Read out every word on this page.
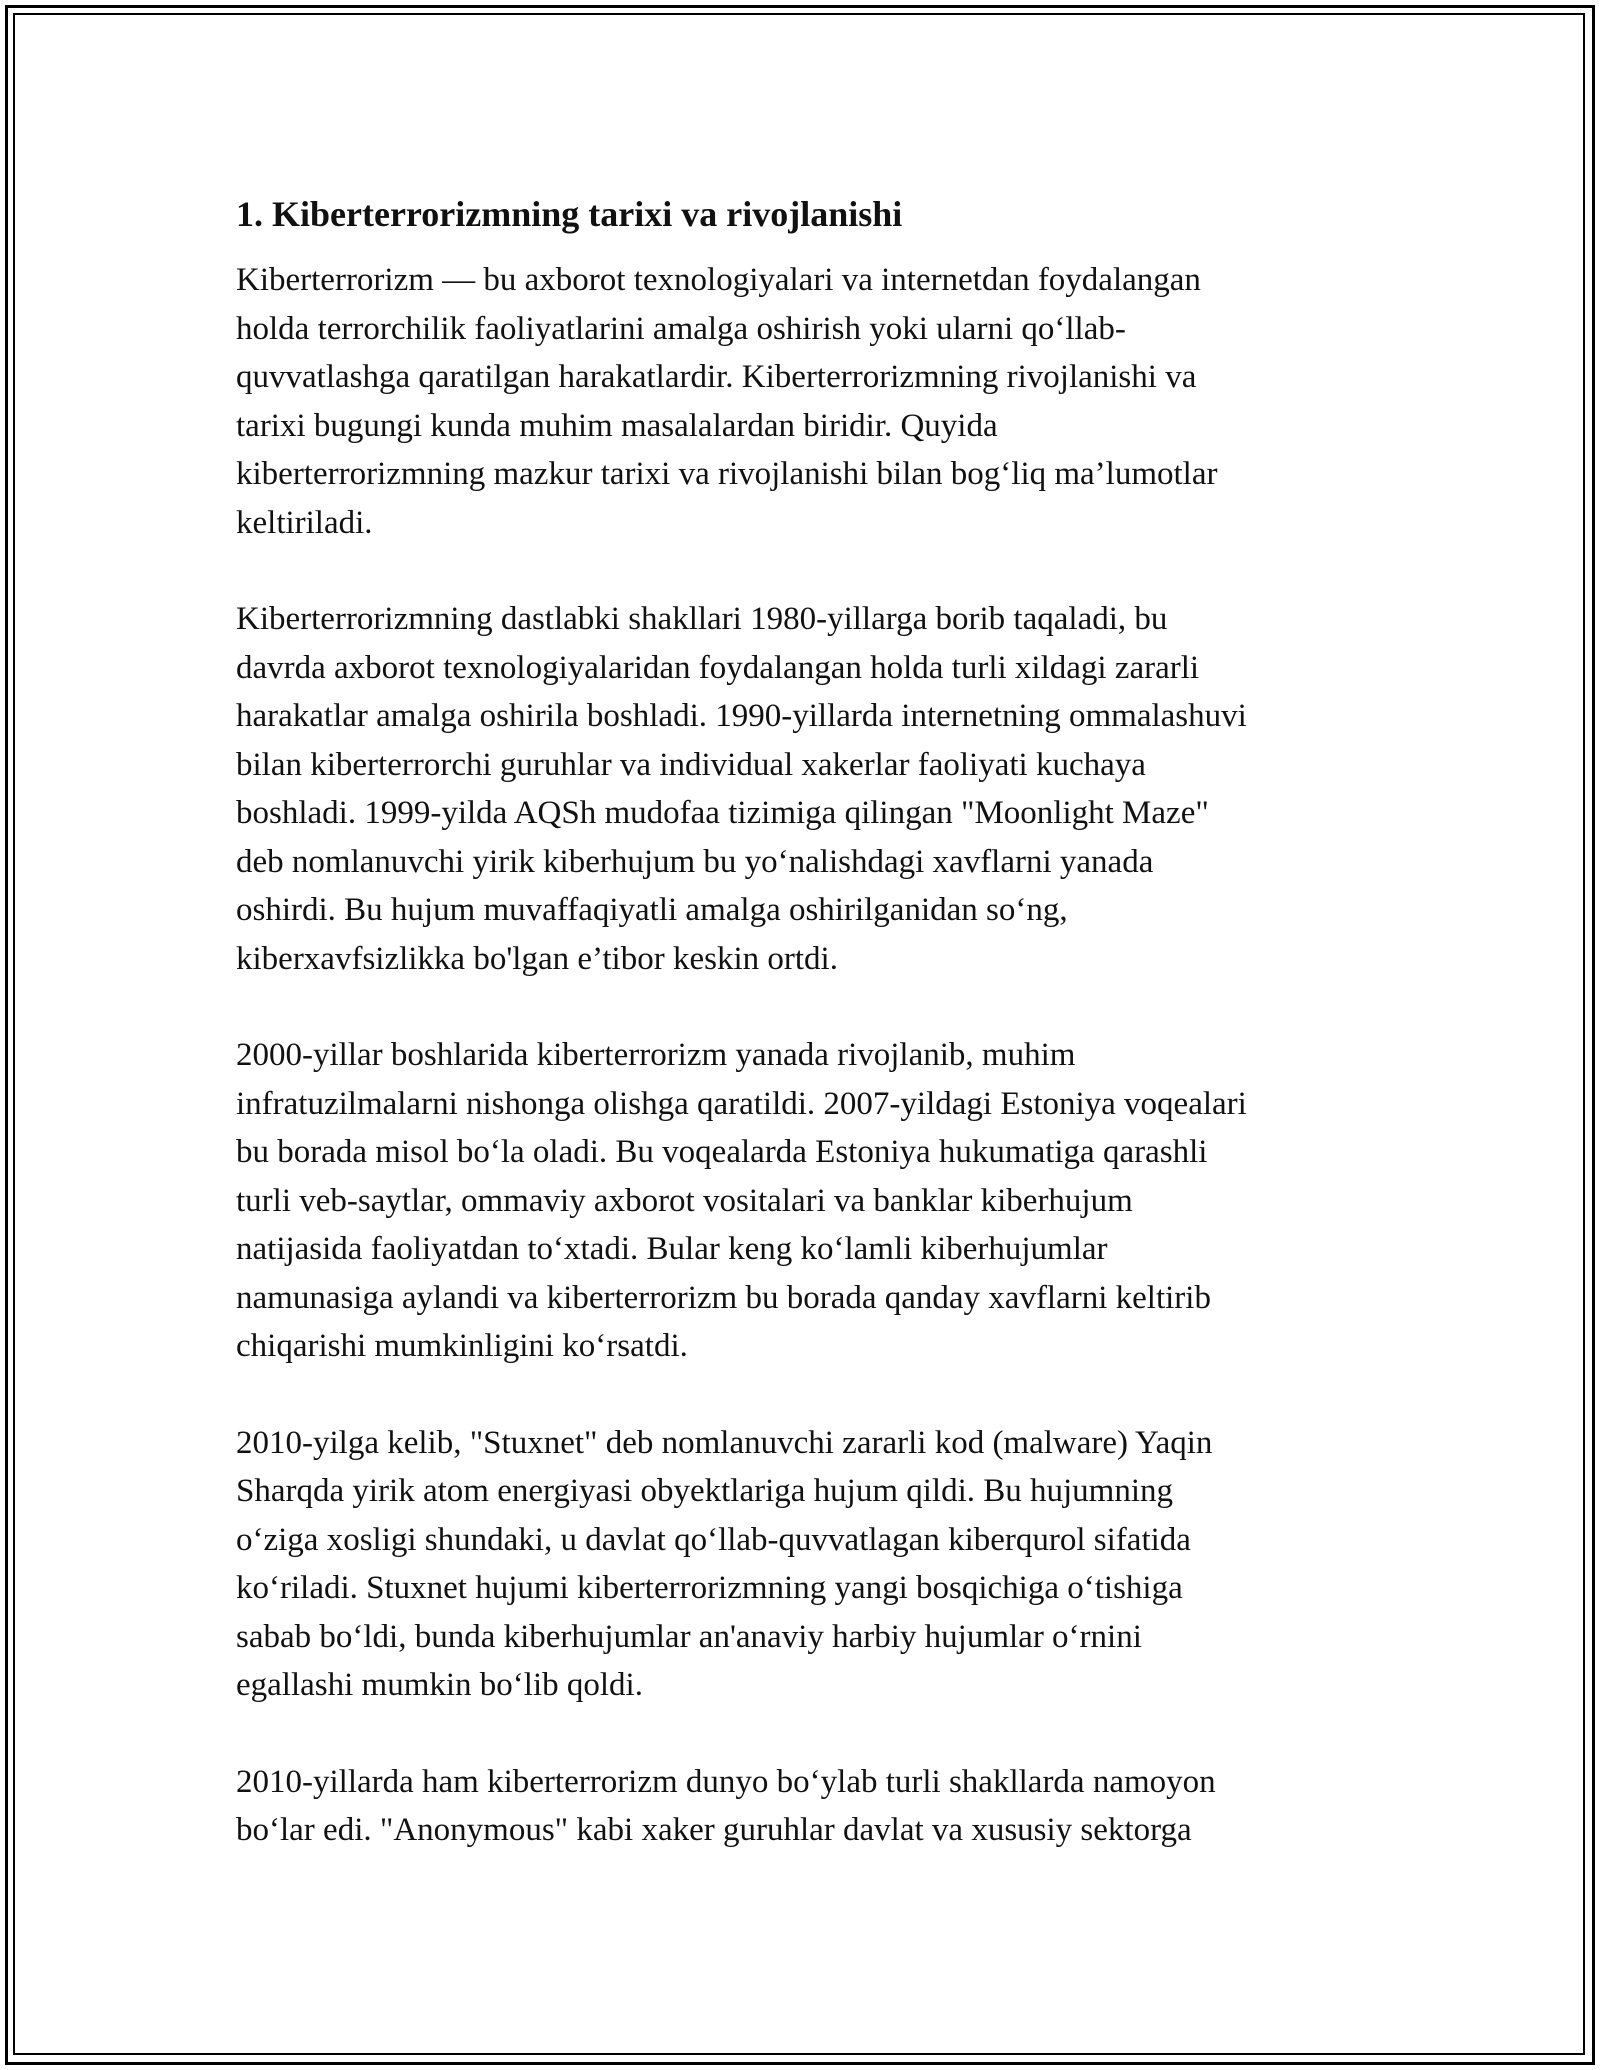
1. Kiberterrorizmning tarixi va rivojlanishi

Kiberterrorizm — bu axborot texnologiyalari va internetdan foydalangan
holda terrorchilik faoliyatlarini amalga oshirish yoki ularni qo‘llab-
quvvatlashga qaratilgan harakatlardir. Kiberterrorizmning rivojlanishi va
tarixi bugungi kunda muhim masalalardan biridir. Quyida
kiberterrorizmning mazkur tarixi va rivojlanishi bilan bog‘liq ma’lumotlar
keltiriladi.

Kiberterrorizmning dastlabki shakllari 1980-yillarga borib taqaladi, bu
davrda axborot texnologiyalaridan foydalangan holda turli xildagi zararli
harakatlar amalga oshirila boshladi. 1990-yillarda internetning ommalashuvi
bilan kiberterrorchi guruhlar va individual xakerlar faoliyati kuchaya
boshladi. 1999-yilda AQSh mudofaa tizimiga qilingan "Moonlight Maze"
deb nomlanuvchi yirik kiberhujum bu yo‘nalishdagi xavflarni yanada
oshirdi. Bu hujum muvaffaqiyatli amalga oshirilganidan so‘ng,
kiberxavfsizlikka bo'lgan e’tibor keskin ortdi.

2000-yillar boshlarida kiberterrorizm yanada rivojlanib, muhim
infratuzilmalarni nishonga olishga qaratildi. 2007-yildagi Estoniya voqealari
bu borada misol bo‘la oladi. Bu voqealarda Estoniya hukumatiga qarashli
turli veb-saytlar, ommaviy axborot vositalari va banklar kiberhujum
natijasida faoliyatdan to‘xtadi. Bular keng ko‘lamli kiberhujumlar
namunasiga aylandi va kiberterrorizm bu borada qanday xavflarni keltirib
chiqarishi mumkinligini ko‘rsatdi.

2010-yilga kelib, "Stuxnet" deb nomlanuvchi zararli kod (malware) Yaqin
Sharqda yirik atom energiyasi obyektlariga hujum qildi. Bu hujumning
o‘ziga xosligi shundaki, u davlat qo‘llab-quvvatlagan kiberqurol sifatida
ko‘riladi. Stuxnet hujumi kiberterrorizmning yangi bosqichiga o‘tishiga
sabab bo‘ldi, bunda kiberhujumlar an'anaviy harbiy hujumlar o‘rnini
egallashi mumkin bo‘lib qoldi.

2010-yillarda ham kiberterrorizm dunyo bo‘ylab turli shakllarda namoyon
bo‘lar edi. "Anonymous" kabi xaker guruhlar davlat va xususiy sektorga
